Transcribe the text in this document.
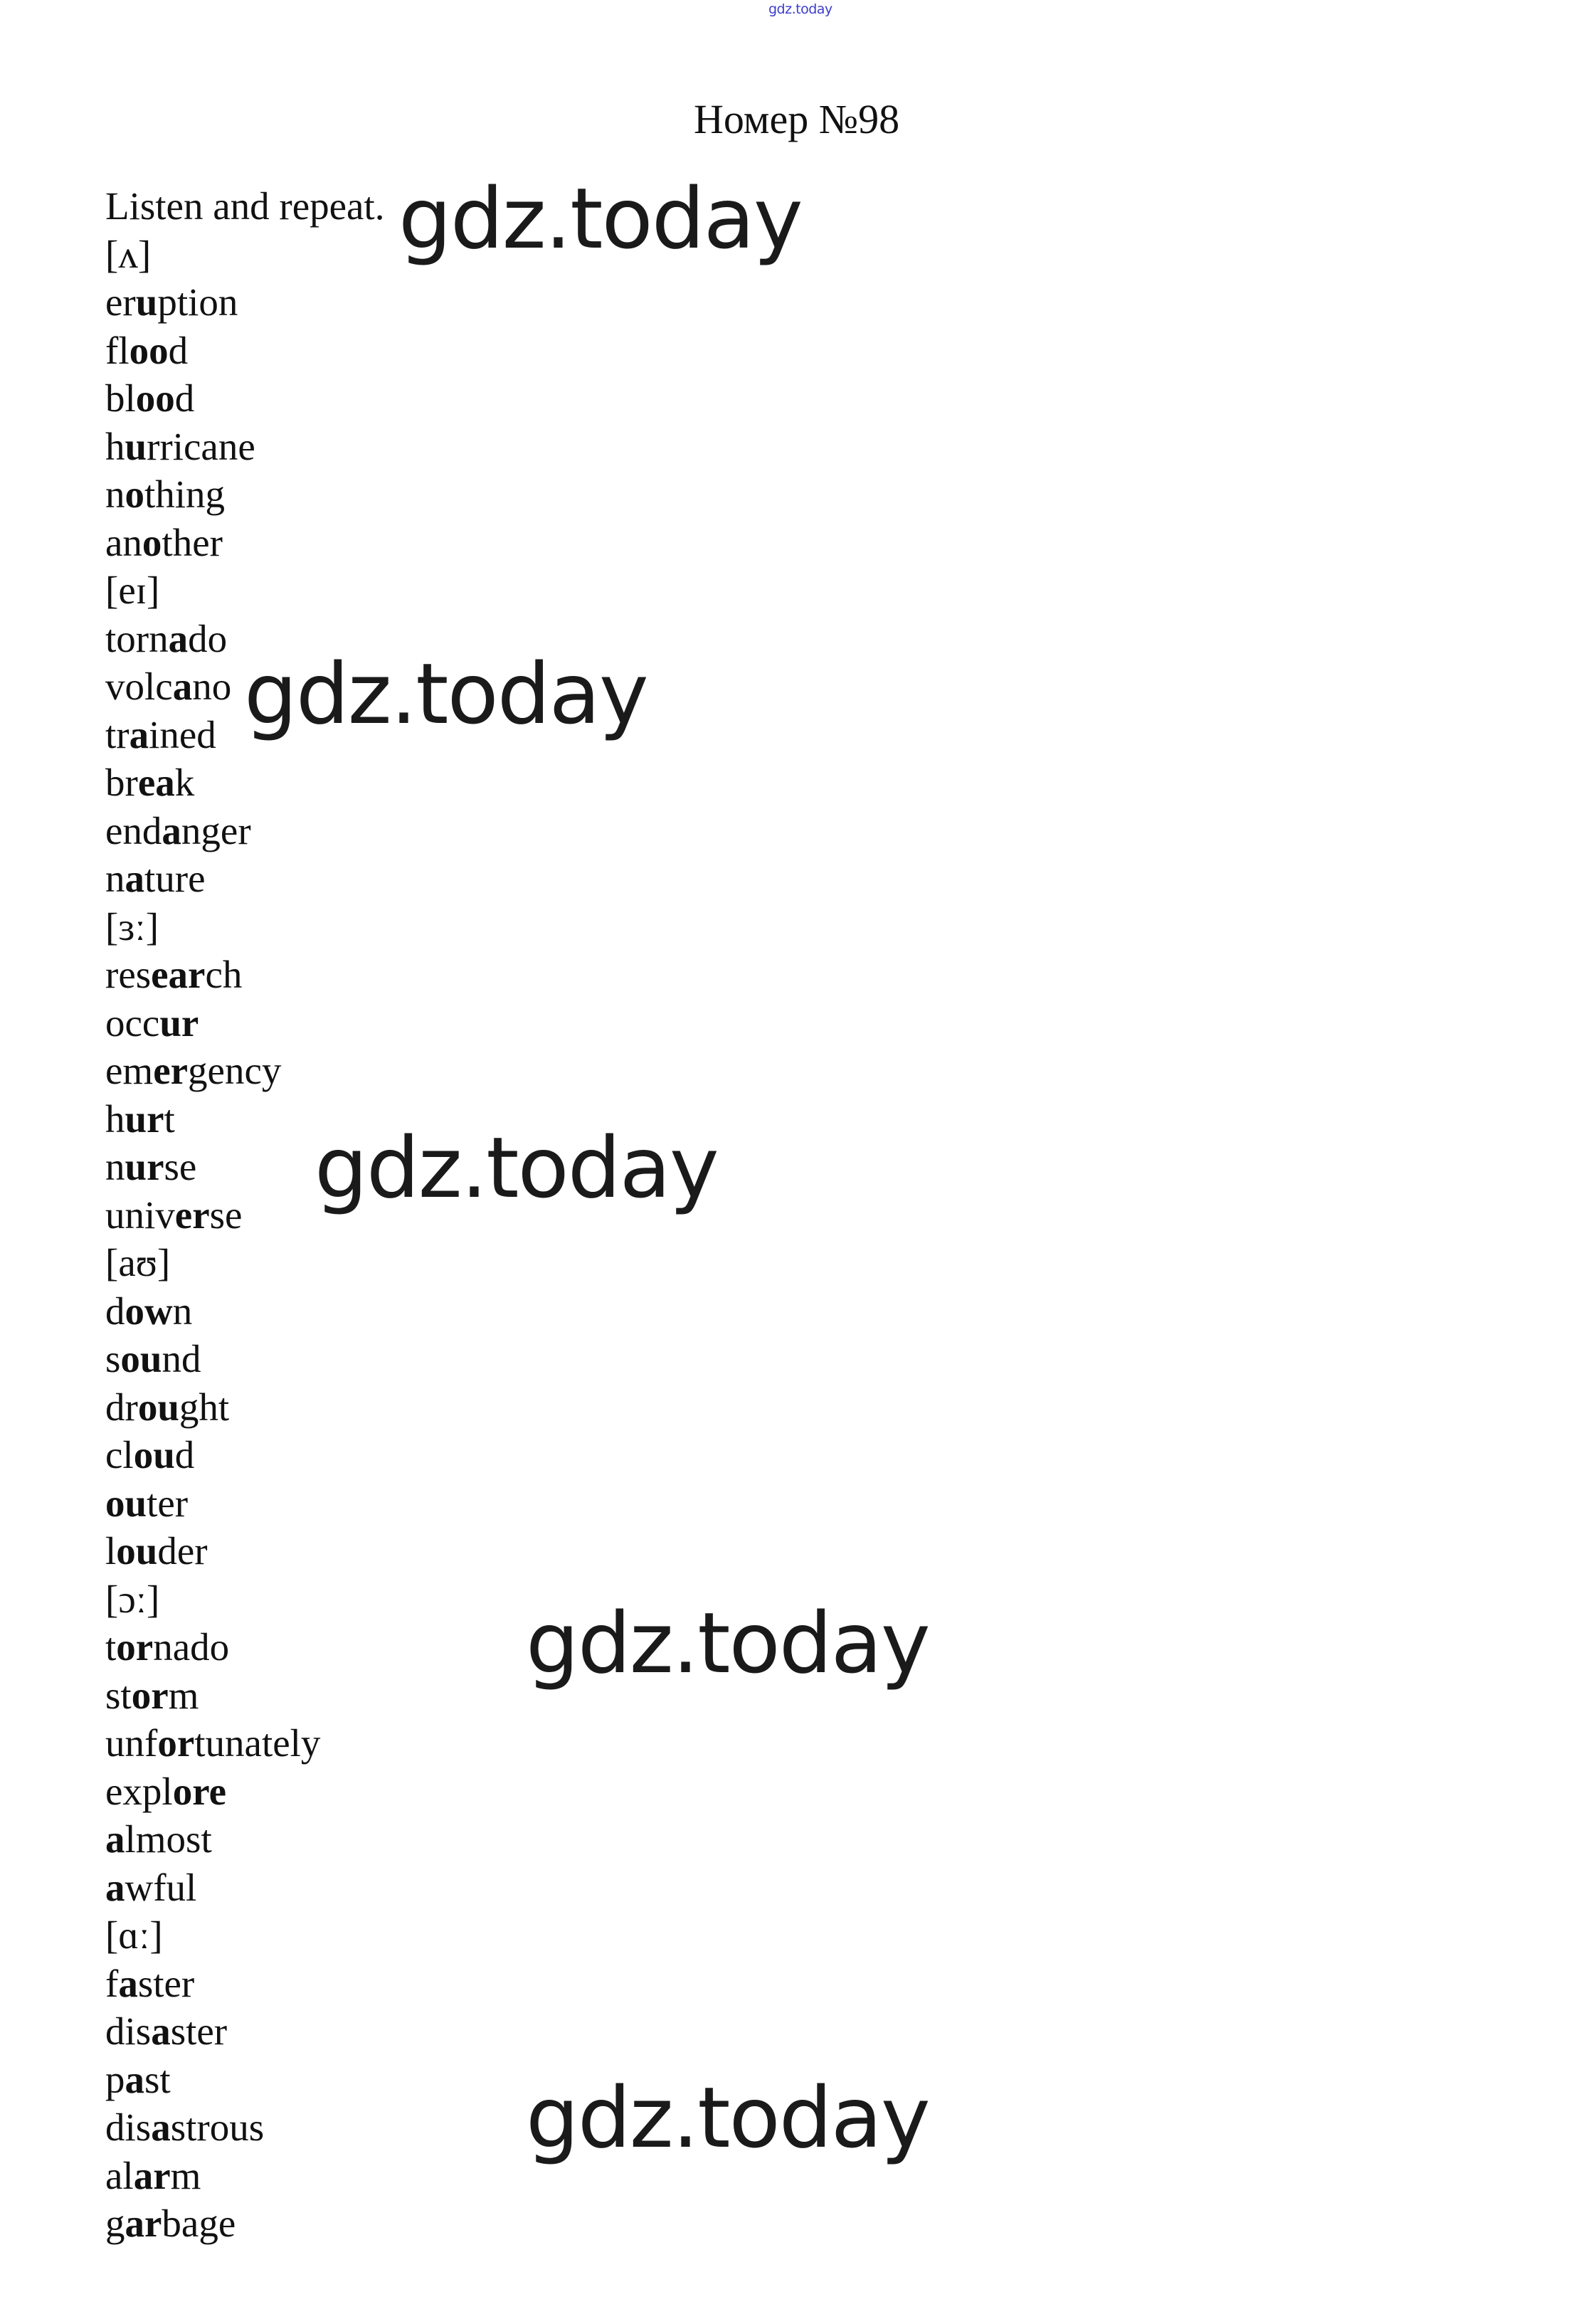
gdz.today
Номер №98
Listen and repeat.
[ʌ]
eruption
flood
blood
hurricane
nothing
another
[eɪ]
tornado
volcano
trained
break
endanger
nature
[ɜː]
research
occur
emergency
hurt
nurse
universe
[aʊ]
down
sound
drought
cloud
outer
louder
[ɔː]
tornado
storm
unfortunately
explore
almost
awful
[ɑː]
faster
disaster
past
disastrous
alarm
garbage
gdz.today
gdz.today
gdz.today
gdz.today
gdz.today
